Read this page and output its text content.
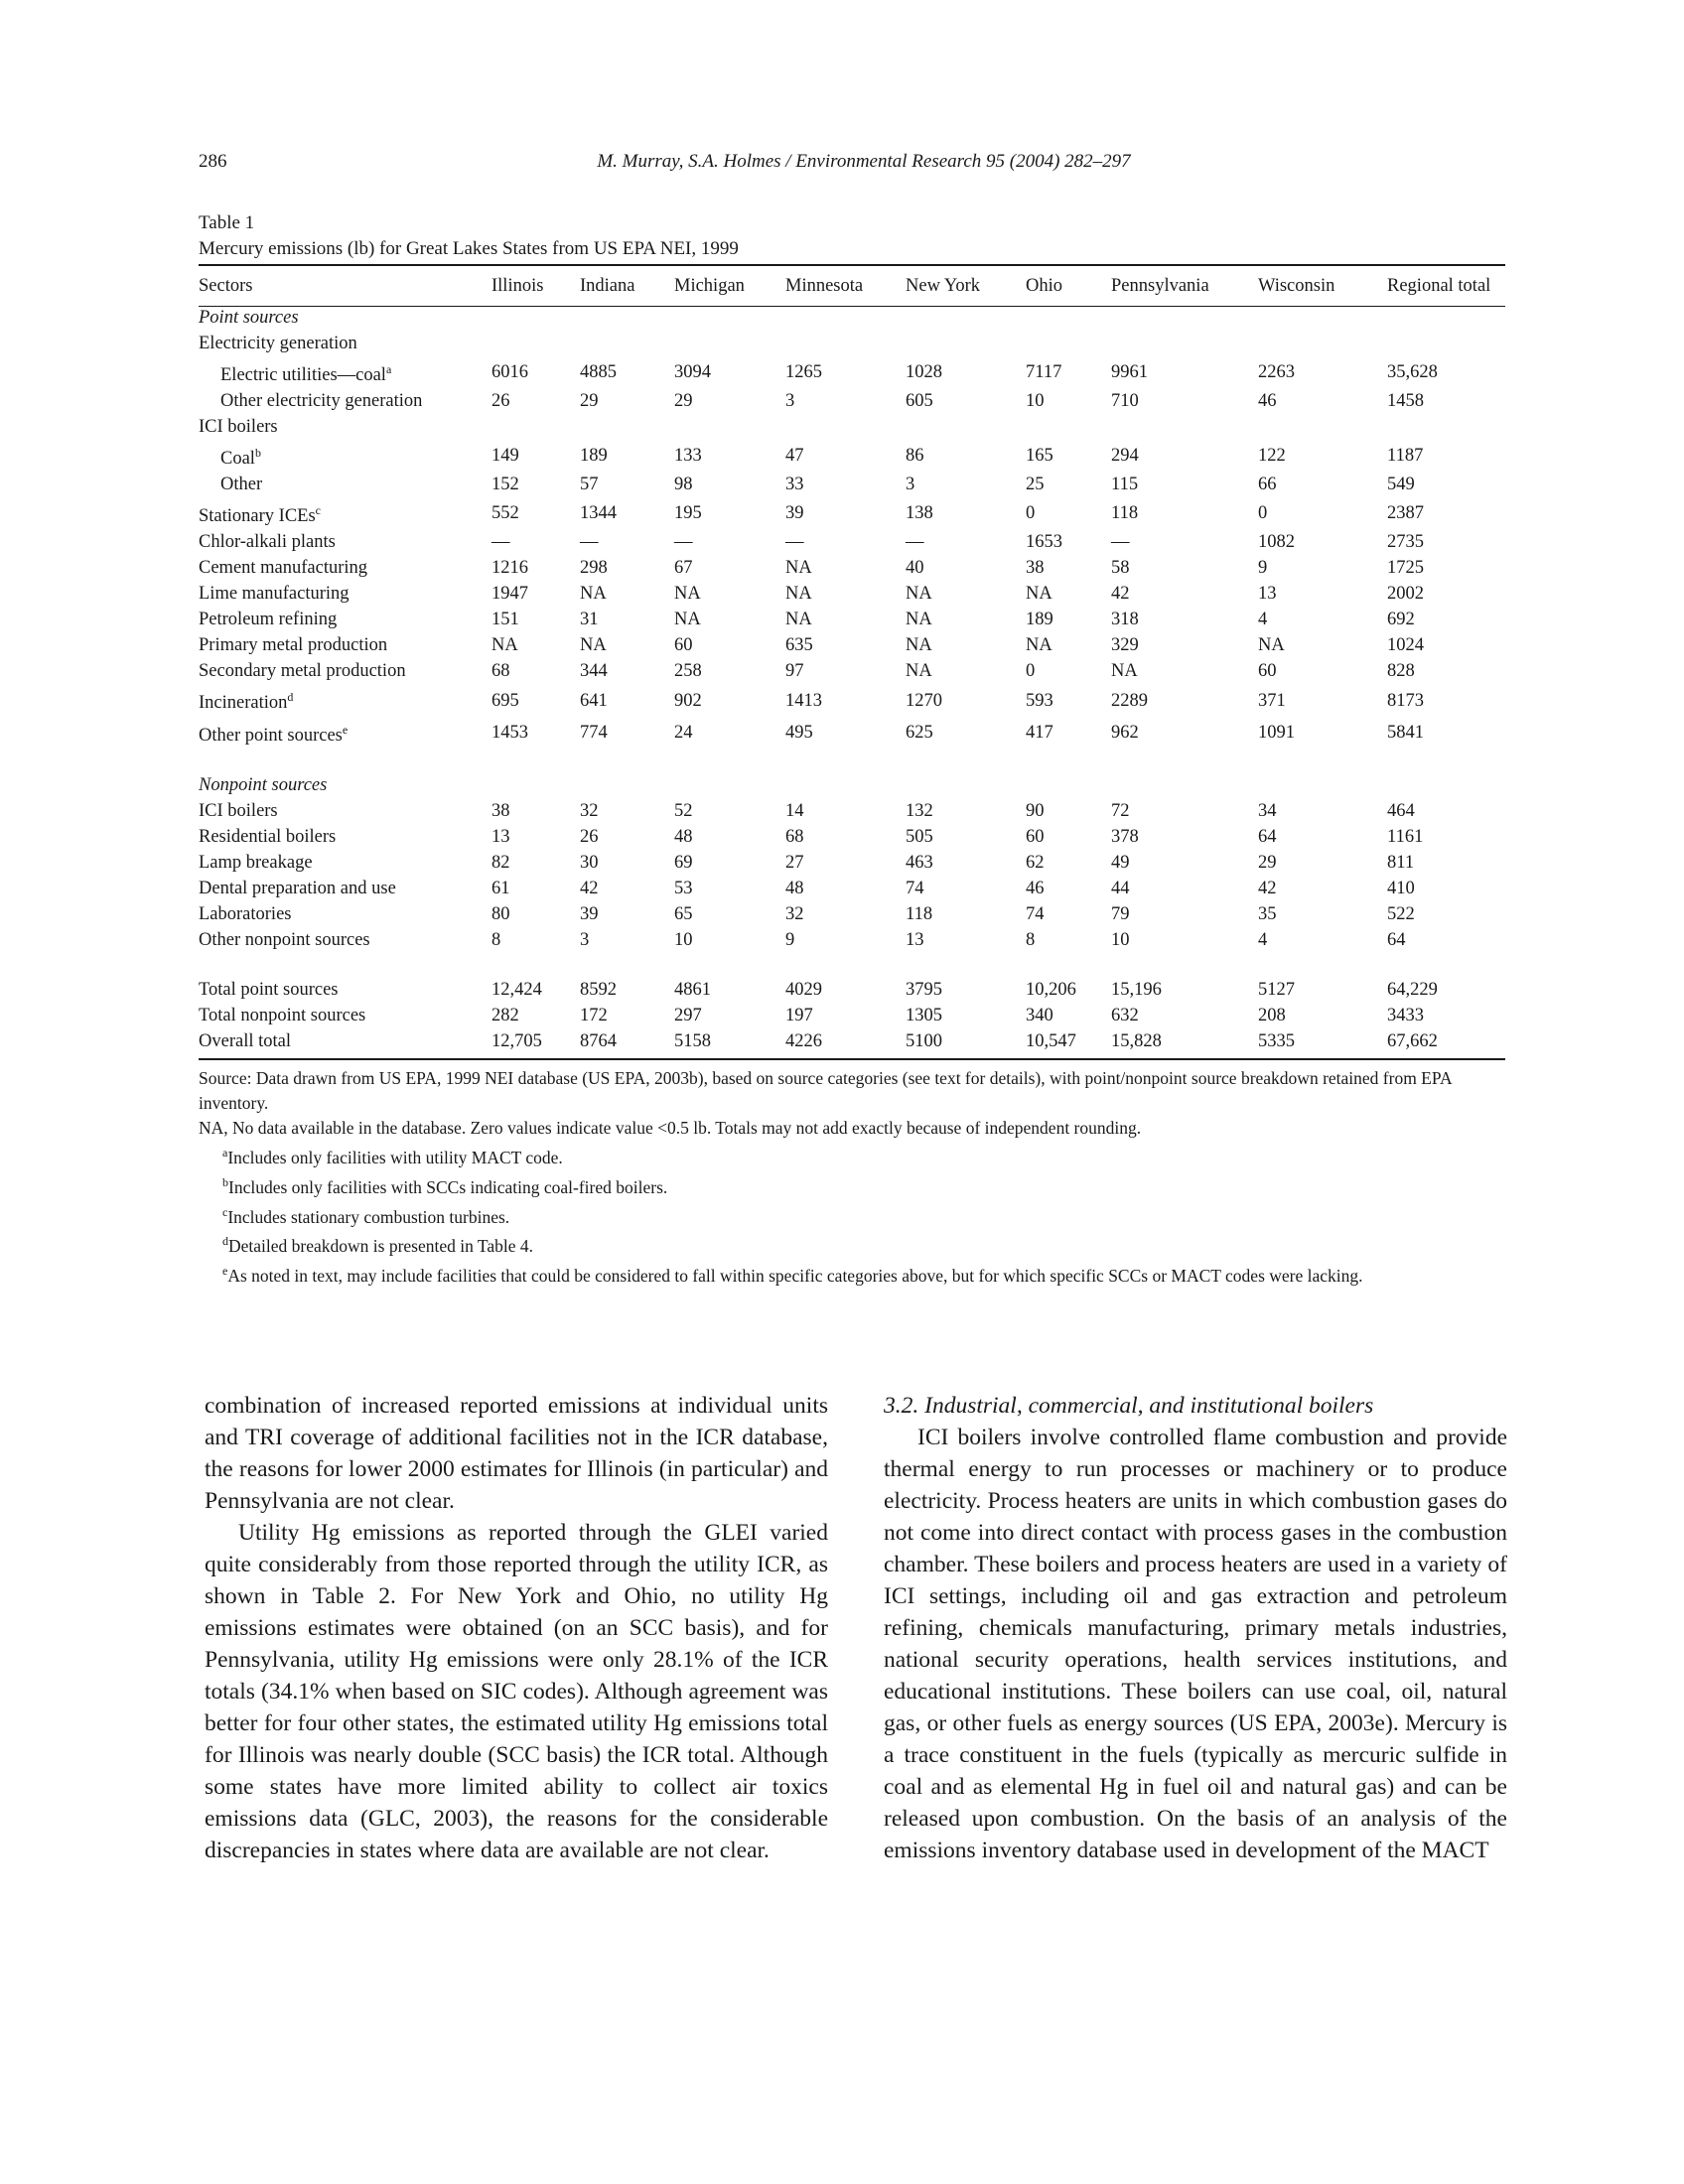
286	M. Murray, S.A. Holmes / Environmental Research 95 (2004) 282–297
Table 1
Mercury emissions (lb) for Great Lakes States from US EPA NEI, 1999
Sectors	Illinois	Indiana	Michigan	Minnesota	New York	Ohio	Pennsylvania	Wisconsin	Regional total
Point sources									
Electricity generation									
Electric utilities—coal$^a$	6016	4885	3094	1265	1028	7117	9961	2263	35,628
Other electricity generation	26	29	29	3	605	10	710	46	1458
ICI boilers									
Coal$^b$	149	189	133	47	86	165	294	122	1187
Other	152	57	98	33	3	25	115	66	549
Stationary ICEs$^c$	552	1344	195	39	138	0	118	0	2387
Chlor-alkali plants	—	—	—	—	—	1653	—	1082	2735
Cement manufacturing	1216	298	67	NA	40	38	58	9	1725
Lime manufacturing	1947	NA	NA	NA	NA	NA	42	13	2002
Petroleum refining	151	31	NA	NA	NA	189	318	4	692
Primary metal production	NA	NA	60	635	NA	NA	329	NA	1024
Secondary metal production	68	344	258	97	NA	0	NA	60	828
Incineration$^d$	695	641	902	1413	1270	593	2289	371	8173
Other point sources$^e$	1453	774	24	495	625	417	962	1091	5841

Nonpoint sources									
ICI boilers	38	32	52	14	132	90	72	34	464
Residential boilers	13	26	48	68	505	60	378	64	1161
Lamp breakage	82	30	69	27	463	62	49	29	811
Dental preparation and use	61	42	53	48	74	46	44	42	410
Laboratories	80	39	65	32	118	74	79	35	522
Other nonpoint sources	8	3	10	9	13	8	10	4	64

Total point sources	12,424	8592	4861	4029	3795	10,206	15,196	5127	64,229
Total nonpoint sources	282	172	297	197	1305	340	632	208	3433
Overall total	12,705	8764	5158	4226	5100	10,547	15,828	5335	67,662

Source: Data drawn from US EPA, 1999 NEI database (US EPA, 2003b), based on source categories (see text for details), with point/nonpoint source breakdown retained from EPA inventory.

NA, No data available in the database. Zero values indicate value <0.5 lb. Totals may not add exactly because of independent rounding.

$^a$Includes only facilities with utility MACT code.

$^b$Includes only facilities with SCCs indicating coal-fired boilers.

$^c$Includes stationary combustion turbines.

$^d$Detailed breakdown is presented in Table 4.

$^e$As noted in text, may include facilities that could be considered to fall within specific categories above, but for which specific SCCs or MACT codes were lacking.

combination of increased reported emissions at individual units and TRI coverage of additional facilities not in the ICR database, the reasons for lower 2000 estimates for Illinois (in particular) and Pennsylvania are not clear.

Utility Hg emissions as reported through the GLEI varied quite considerably from those reported through the utility ICR, as shown in Table 2. For New York and Ohio, no utility Hg emissions estimates were obtained (on an SCC basis), and for Pennsylvania, utility Hg emissions were only 28.1% of the ICR totals (34.1% when based on SIC codes). Although agreement was better for four other states, the estimated utility Hg emissions total for Illinois was nearly double (SCC basis) the ICR total. Although some states have more limited ability to collect air toxics emissions data (GLC, 2003), the reasons for the considerable discrepancies in states where data are available are not clear.

3.2. Industrial, commercial, and institutional boilers

ICI boilers involve controlled flame combustion and provide thermal energy to run processes or machinery or to produce electricity. Process heaters are units in which combustion gases do not come into direct contact with process gases in the combustion chamber. These boilers and process heaters are used in a variety of ICI settings, including oil and gas extraction and petroleum refining, chemicals manufacturing, primary metals industries, national security operations, health services institutions, and educational institutions. These boilers can use coal, oil, natural gas, or other fuels as energy sources (US EPA, 2003e). Mercury is a trace constituent in the fuels (typically as mercuric sulfide in coal and as elemental Hg in fuel oil and natural gas) and can be released upon combustion. On the basis of an analysis of the emissions inventory database used in development of the MACT
